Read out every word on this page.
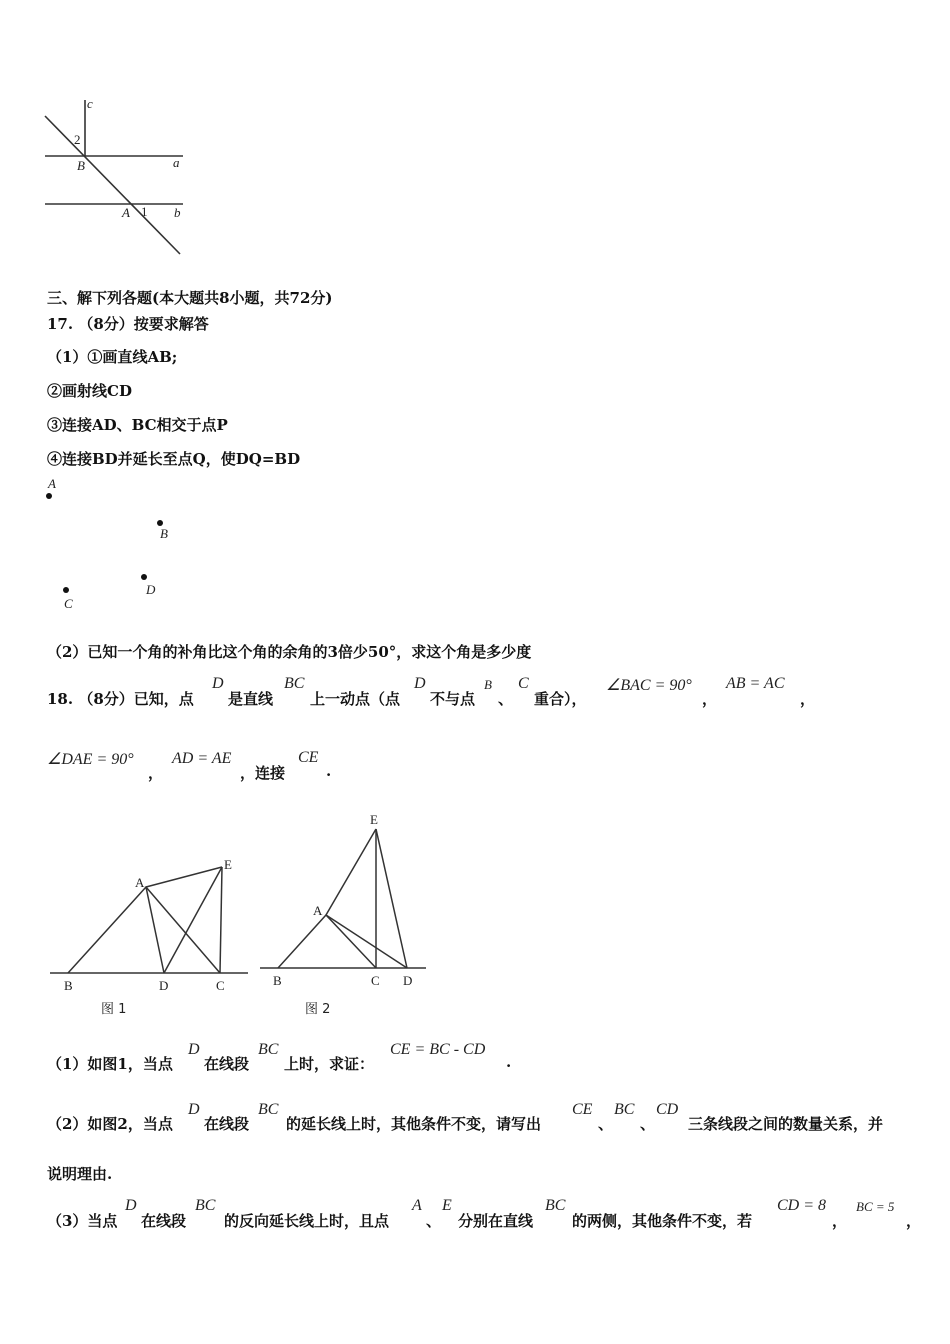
c
2
B	a
A 1 b
三、解下列各题(本大题共8小题，共72分)
17. （8分）按要求解答
（1）①画直线AB;
②画射线CD
③连接AD、BC相交于点P
④连接BD并延长至点Q，使DQ=BD
A
B
D
C
（2）已知一个角的补角比这个角的余角的3倍少50°，求这个角是多少度
18. （8分）已知，点
D
是直线
BC
上一动点（点
D
不与点
B
、
C
重合），
∠BAC = 90°
，
AB = AC
，
∠DAE = 90°
，
AD = AE
，连接
CE
.
A
E
B	D	C
图 1
E
A
B	C D
图 2
（1）如图1，当点
D
在线段
BC
上时，求证：
CE = BC - CD
.
（2）如图2，当点
D
在线段
BC
的延长线上时，其他条件不变，请写出
CE
、
BC
、
CD
三条线段之间的数量关系，并
说明理由.
（3）当点
D
在线段
BC
的反向延长线上时，且点
A
、
E
分别在直线
BC
的两侧，其他条件不变，若
CD = 8
，
BC = 5
，
